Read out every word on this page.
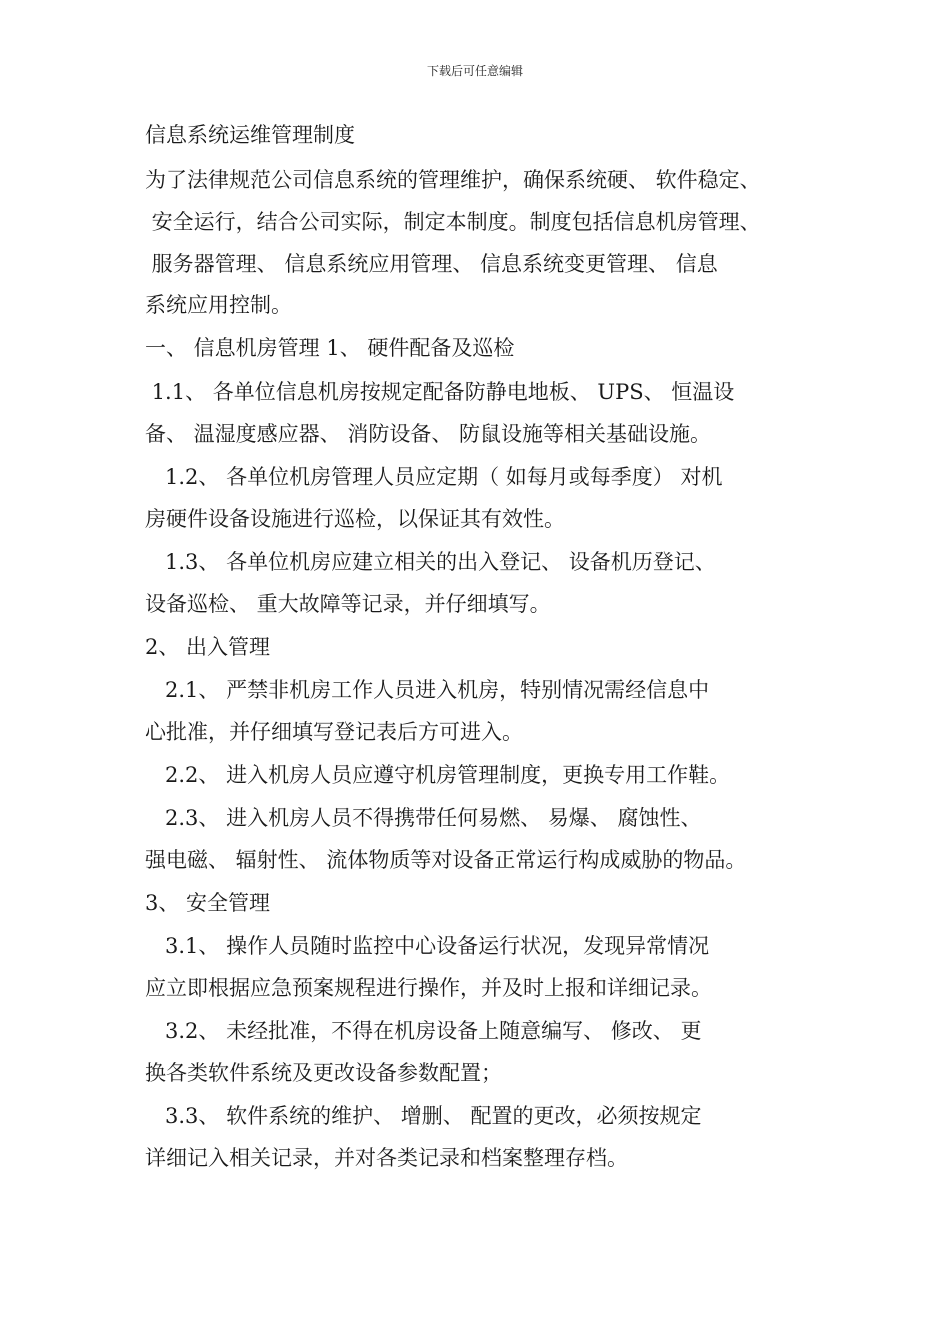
下载后可任意编辑
信息系统运维管理制度
为了法律规范公司信息系统的管理维护，确保系统硬、 软件稳定、
安全运行，结合公司实际，制定本制度。制度包括信息机房管理、
服务器管理、 信息系统应用管理、 信息系统变更管理、 信息
系统应用控制。
一、 信息机房管理 1、 硬件配备及巡检
1.1、 各单位信息机房按规定配备防静电地板、 UPS、 恒温设
备、 温湿度感应器、 消防设备、 防鼠设施等相关基础设施。
1.2、 各单位机房管理人员应定期（ 如每月或每季度） 对机
房硬件设备设施进行巡检，以保证其有效性。
1.3、 各单位机房应建立相关的出入登记、 设备机历登记、
设备巡检、 重大故障等记录，并仔细填写。
2、 出入管理
2.1、 严禁非机房工作人员进入机房，特别情况需经信息中
心批准，并仔细填写登记表后方可进入。
2.2、 进入机房人员应遵守机房管理制度，更换专用工作鞋。
2.3、 进入机房人员不得携带任何易燃、 易爆、 腐蚀性、
强电磁、 辐射性、 流体物质等对设备正常运行构成威胁的物品。
3、 安全管理
3.1、 操作人员随时监控中心设备运行状况，发现异常情况
应立即根据应急预案规程进行操作，并及时上报和详细记录。
3.2、 未经批准，不得在机房设备上随意编写、 修改、 更
换各类软件系统及更改设备参数配置；
3.3、 软件系统的维护、 增删、 配置的更改，必须按规定
详细记入相关记录，并对各类记录和档案整理存档。
